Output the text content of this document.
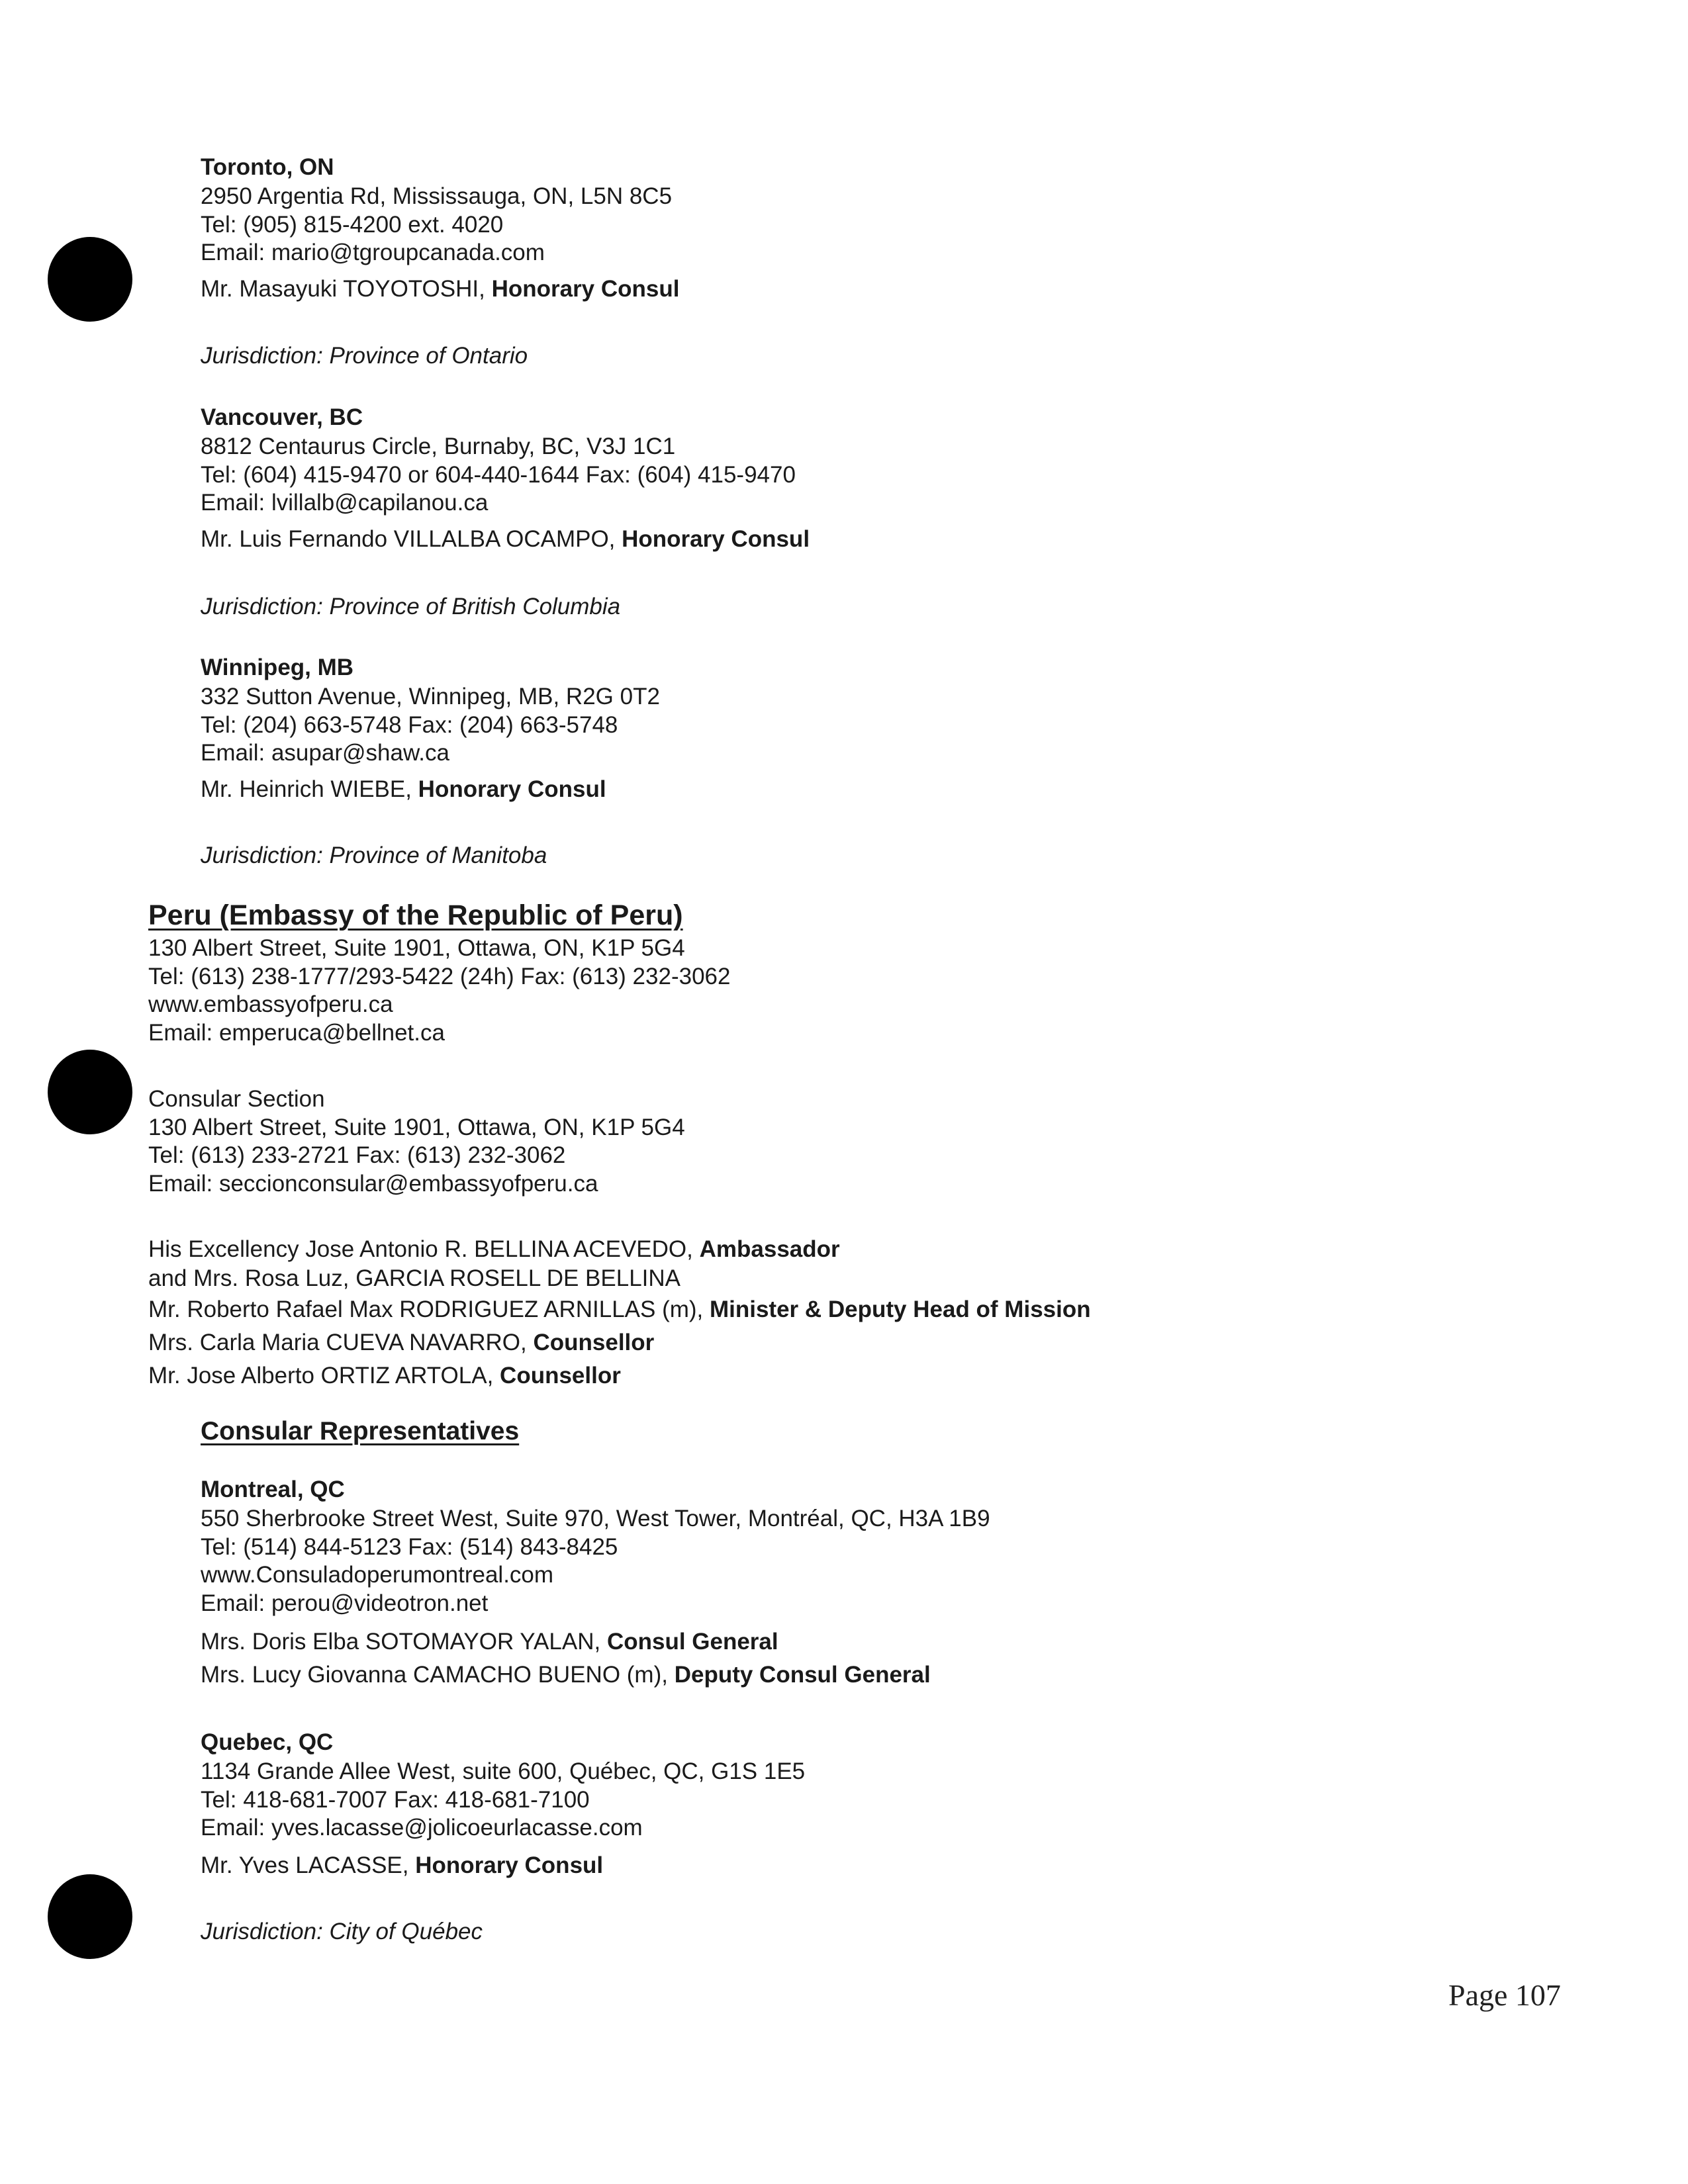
Toronto, ON
2950 Argentia Rd, Mississauga, ON, L5N 8C5
Tel: (905) 815-4200 ext. 4020
Email: mario@tgroupcanada.com
Mr. Masayuki TOYOTOSHI, Honorary Consul
Jurisdiction: Province of Ontario
Vancouver, BC
8812 Centaurus Circle, Burnaby, BC, V3J 1C1
Tel: (604) 415-9470 or 604-440-1644 Fax: (604) 415-9470
Email: lvillalb@capilanou.ca
Mr. Luis Fernando VILLALBA OCAMPO, Honorary Consul
Jurisdiction: Province of British Columbia
Winnipeg, MB
332 Sutton Avenue, Winnipeg, MB, R2G 0T2
Tel: (204) 663-5748 Fax: (204) 663-5748
Email: asupar@shaw.ca
Mr. Heinrich WIEBE, Honorary Consul
Jurisdiction: Province of Manitoba
Peru (Embassy of the Republic of Peru)
130 Albert Street, Suite 1901, Ottawa, ON, K1P 5G4
Tel: (613) 238-1777/293-5422 (24h) Fax: (613) 232-3062
www.embassyofperu.ca
Email: emperuca@bellnet.ca
Consular Section
130 Albert Street, Suite 1901, Ottawa, ON, K1P 5G4
Tel: (613) 233-2721 Fax: (613) 232-3062
Email: seccionconsular@embassyofperu.ca
His Excellency Jose Antonio R. BELLINA ACEVEDO, Ambassador
and Mrs. Rosa Luz, GARCIA ROSELL DE BELLINA
Mr. Roberto Rafael Max RODRIGUEZ ARNILLAS (m), Minister & Deputy Head of Mission
Mrs. Carla Maria CUEVA NAVARRO, Counsellor
Mr. Jose Alberto ORTIZ ARTOLA, Counsellor
Consular Representatives
Montreal, QC
550 Sherbrooke Street West, Suite 970, West Tower, Montréal, QC, H3A 1B9
Tel: (514) 844-5123 Fax: (514) 843-8425
www.Consuladoperumontreal.com
Email: perou@videotron.net
Mrs. Doris Elba SOTOMAYOR YALAN, Consul General
Mrs. Lucy Giovanna CAMACHO BUENO (m), Deputy Consul General
Quebec, QC
1134 Grande Allee West, suite 600, Québec, QC, G1S 1E5
Tel: 418-681-7007 Fax: 418-681-7100
Email: yves.lacasse@jolicoeurlacasse.com
Mr. Yves LACASSE, Honorary Consul
Jurisdiction: City of Québec
Page 107
